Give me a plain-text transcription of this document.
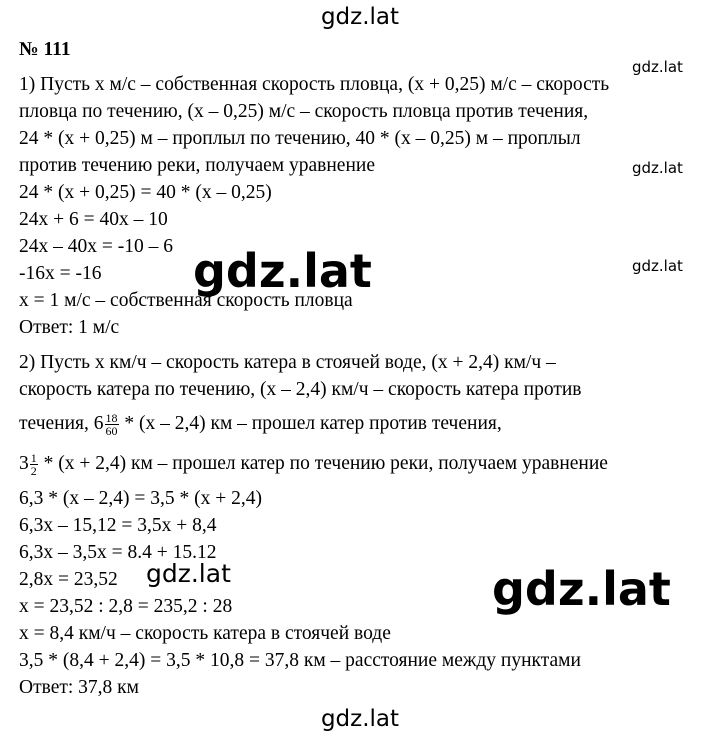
gdz.lat
gdz.lat
gdz.lat
gdz.lat
gdz.lat
gdz.lat	gdz.lat
gdz.lat
№ 111
1) Пусть х м/с – собственная скорость пловца, (х + 0,25) м/с – скорость
пловца по течению, (х – 0,25) м/с – скорость пловца против течения,
24 * (х + 0,25) м – проплыл по течению, 40 * (х – 0,25) м – проплыл
против течению реки, получаем уравнение
24 * (х + 0,25) = 40 * (х – 0,25)
24х + 6 = 40х – 10
24х – 40х = -10 – 6
-16х = -16
х = 1 м/с – собственная скорость пловца
Ответ: 1 м/с
2) Пусть х км/ч – скорость катера в стоячей воде, (х + 2,4) км/ч –
скорость катера по течению, (х – 2,4) км/ч – скорость катера против
течения, $6 \frac{18}{60} * (х - 2,4)$ км – прошел катер против течения,
$3 \frac{1}{2} * (х + 2,4)$ км – прошел катер по течению реки, получаем уравнение
6,3 * (х – 2,4) = 3,5 * (х + 2,4)
6,3х – 15,12 = 3,5х + 8,4
6,3х – 3,5х = 8.4 + 15.12
2,8х = 23,52
х = 23,52 : 2,8 = 235,2 : 28
х = 8,4 км/ч – скорость катера в стоячей воде
3,5 * (8,4 + 2,4) = 3,5 * 10,8 = 37,8 км – расстояние между пунктами
Ответ: 37,8 км
